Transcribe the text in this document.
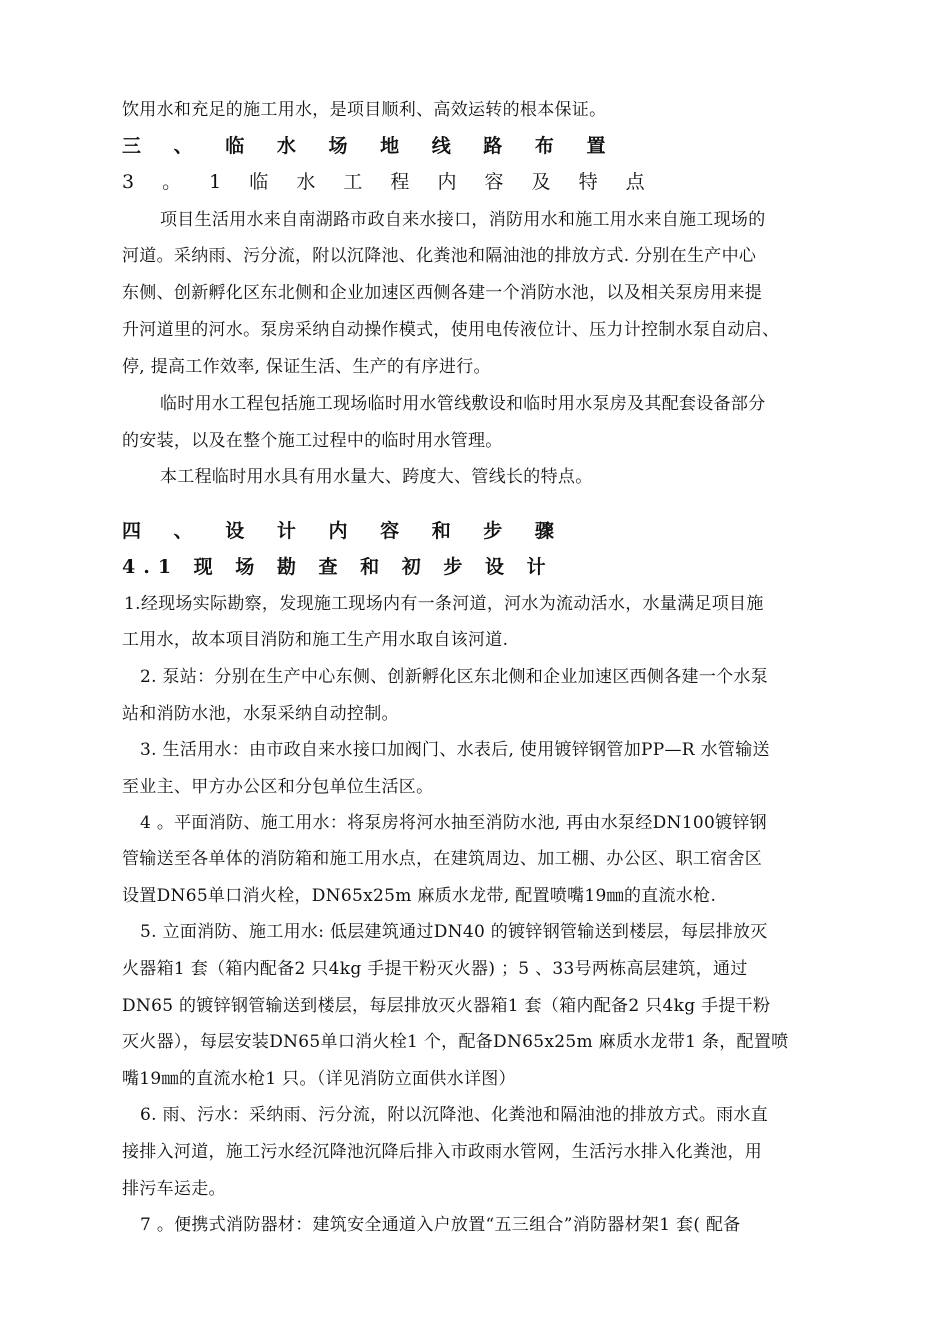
饮用水和充足的施工用水，是项目顺利、高效运转的根本保证。
三 、 临 水 场 地 线 路 布 置
3 。 1 临 水 工 程 内 容 及 特 点
项目生活用水来自南湖路市政自来水接口，消防用水和施工用水来自施工现场的
河道。采纳雨、污分流，附以沉降池、化粪池和隔油池的排放方式. 分别在生产中心
东侧、创新孵化区东北侧和企业加速区西侧各建一个消防水池，以及相关泵房用来提
升河道里的河水。泵房采纳自动操作模式，使用电传液位计、压力计控制水泵自动启、
停, 提高工作效率, 保证生活、生产的有序进行。
临时用水工程包括施工现场临时用水管线敷设和临时用水泵房及其配套设备部分
的安装，以及在整个施工过程中的临时用水管理。
本工程临时用水具有用水量大、跨度大、管线长的特点。
四 、 设 计 内 容 和 步 骤
4.1 现 场 勘 查 和 初 步 设 计
1.经现场实际勘察，发现施工现场内有一条河道，河水为流动活水，水量满足项目施
工用水，故本项目消防和施工生产用水取自该河道.
2. 泵站：分别在生产中心东侧、创新孵化区东北侧和企业加速区西侧各建一个水泵
站和消防水池，水泵采纳自动控制。
3. 生活用水：由市政自来水接口加阀门、水表后, 使用镀锌钢管加PP—R 水管输送
至业主、甲方办公区和分包单位生活区。
4 。平面消防、施工用水：将泵房将河水抽至消防水池, 再由水泵经DN100镀锌钢
管输送至各单体的消防箱和施工用水点，在建筑周边、加工棚、办公区、职工宿舍区
设置DN65单口消火栓，DN65x25m 麻质水龙带, 配置喷嘴19㎜的直流水枪.
5. 立面消防、施工用水: 低层建筑通过DN40 的镀锌钢管输送到楼层，每层排放灭
火器箱1 套（箱内配备2 只4kg 手提干粉灭火器) ；5 、33号两栋高层建筑，通过
DN65 的镀锌钢管输送到楼层，每层排放灭火器箱1 套（箱内配备2 只4kg 手提干粉
灭火器），每层安装DN65单口消火栓1 个，配备DN65x25m 麻质水龙带1 条，配置喷
嘴19㎜的直流水枪1 只。（详见消防立面供水详图）
6. 雨、污水：采纳雨、污分流，附以沉降池、化粪池和隔油池的排放方式。雨水直
接排入河道，施工污水经沉降池沉降后排入市政雨水管网，生活污水排入化粪池，用
排污车运走。
7 。便携式消防器材：建筑安全通道入户放置“五三组合”消防器材架1 套( 配备
